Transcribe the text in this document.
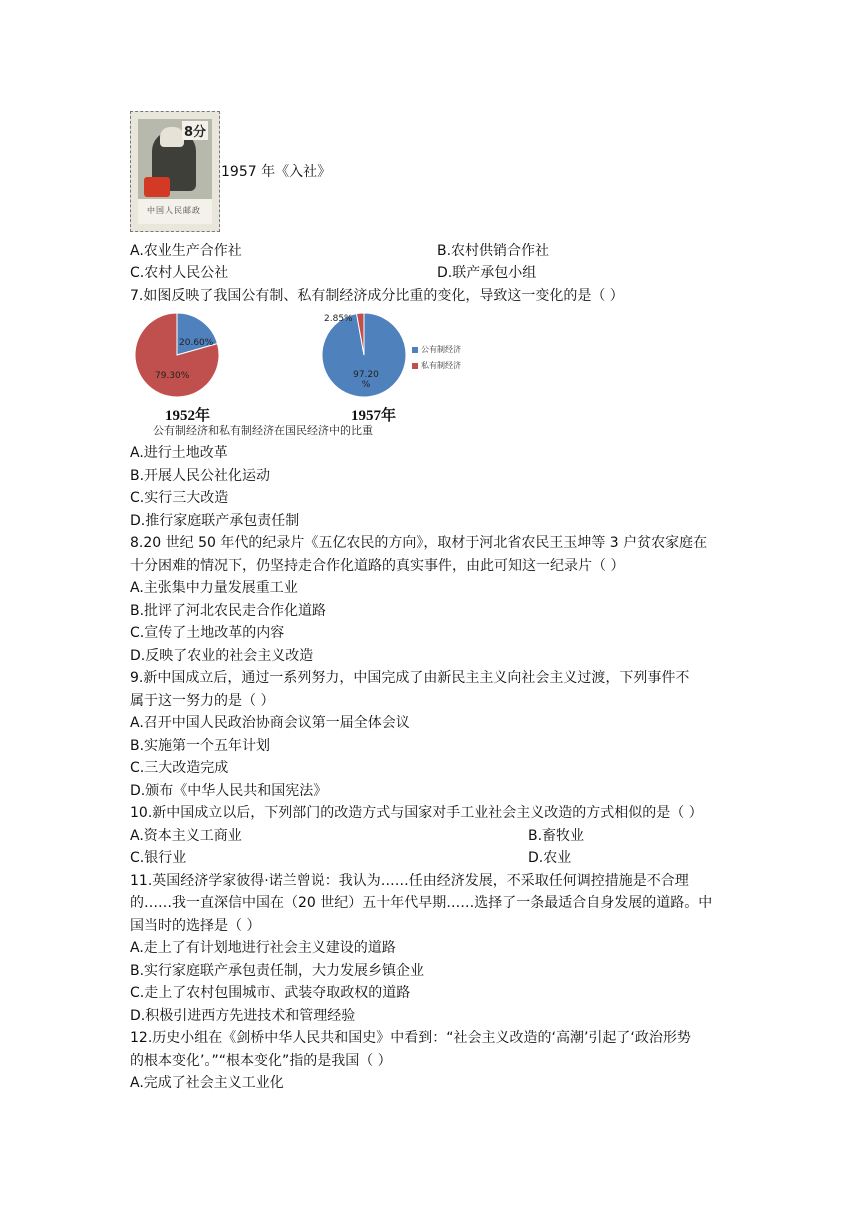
8分
中国人民邮政
1957 年《入社》
A.农业生产合作社	B.农村供销合作社
C.农村人民公社	D.联产承包小组
7.如图反映了我国公有制、私有制经济成分比重的变化，导致这一变化的是（ ）
1952年	1957年
20.60%
79.30%
2.85%
97.20
%
公有制经济
私有制经济
公有制经济和私有制经济在国民经济中的比重
A.进行土地改革
B.开展人民公社化运动
C.实行三大改造
D.推行家庭联产承包责任制
8.20 世纪 50 年代的纪录片《五亿农民的方向》，取材于河北省农民王玉坤等 3 户贫农家庭在
十分困难的情况下，仍坚持走合作化道路的真实事件，由此可知这一纪录片（ ）
A.主张集中力量发展重工业
B.批评了河北农民走合作化道路
C.宣传了土地改革的内容
D.反映了农业的社会主义改造
9.新中国成立后，通过一系列努力，中国完成了由新民主主义向社会主义过渡，下列事件不
属于这一努力的是（ ）
A.召开中国人民政治协商会议第一届全体会议
B.实施第一个五年计划
C.三大改造完成
D.颁布《中华人民共和国宪法》
10.新中国成立以后，下列部门的改造方式与国家对手工业社会主义改造的方式相似的是（ ）
A.资本主义工商业	B.畜牧业
C.银行业	D.农业
11.英国经济学家彼得·诺兰曾说：我认为……任由经济发展，不采取任何调控措施是不合理
的……我一直深信中国在（20 世纪）五十年代早期……选择了一条最适合自身发展的道路。中
国当时的选择是（ ）
A.走上了有计划地进行社会主义建设的道路
B.实行家庭联产承包责任制，大力发展乡镇企业
C.走上了农村包围城市、武装夺取政权的道路
D.积极引进西方先进技术和管理经验
12.历史小组在《剑桥中华人民共和国史》中看到：“社会主义改造的‘高潮’引起了‘政治形势
的根本变化’。”“根本变化”指的是我国（ ）
A.完成了社会主义工业化
